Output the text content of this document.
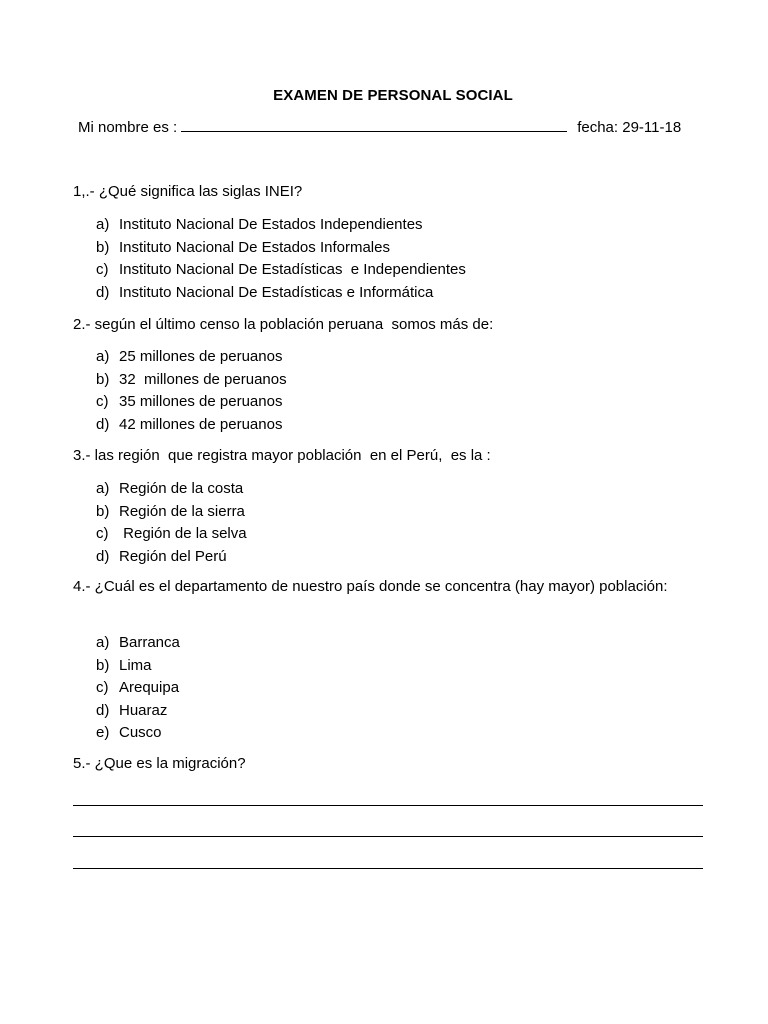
EXAMEN DE PERSONAL SOCIAL
Mi nombre es :	fecha: 29-11-18
1,.- ¿Qué significa las siglas INEI?
a) Instituto Nacional De Estados Independientes
b) Instituto Nacional De Estados Informales
c) Instituto Nacional De Estadísticas  e Independientes
d) Instituto Nacional De Estadísticas e Informática
2.- según el último censo la población peruana  somos más de:
a) 25 millones de peruanos
b) 32  millones de peruanos
c) 35 millones de peruanos
d) 42 millones de peruanos
3.- las región  que registra mayor población  en el Perú,  es la :
a) Región de la costa
b) Región de la sierra
c) Región de la selva
d) Región del Perú
4.- ¿Cuál es el departamento de nuestro país donde se concentra (hay mayor) población:
a) Barranca
b) Lima
c) Arequipa
d) Huaraz
e) Cusco
5.- ¿Que es la migración?
